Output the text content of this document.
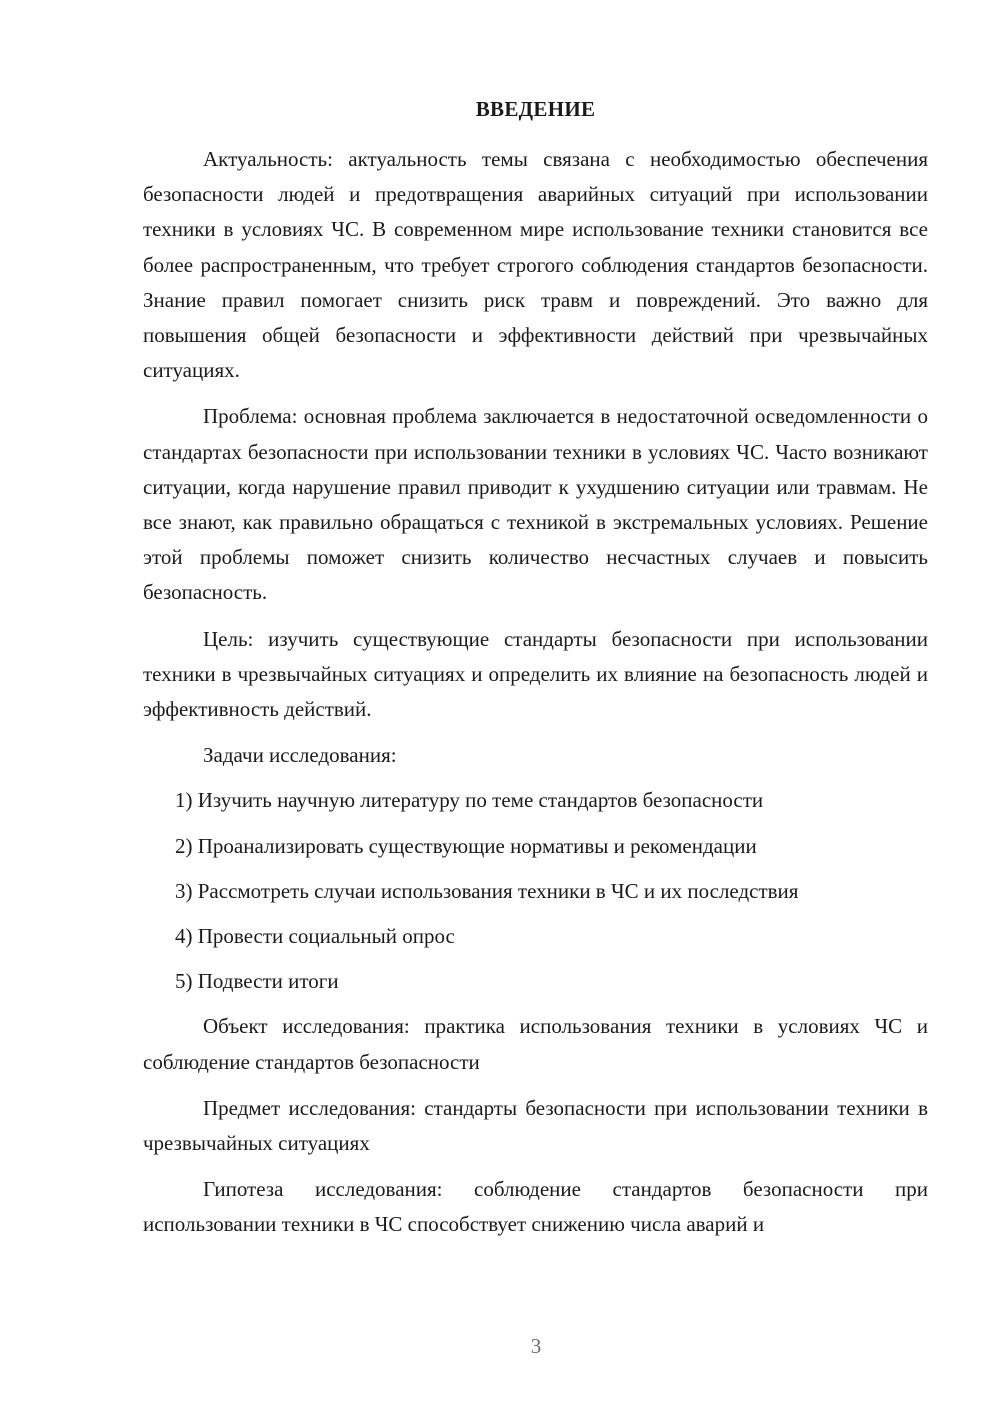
ВВЕДЕНИЕ

Актуальность: актуальность темы связана с необходимостью обеспечения безопасности людей и предотвращения аварийных ситуаций при использовании техники в условиях ЧС. В современном мире использование техники становится все более распространенным, что требует строгого соблюдения стандартов безопасности. Знание правил помогает снизить риск травм и повреждений. Это важно для повышения общей безопасности и эффективности действий при чрезвычайных ситуациях.

Проблема: основная проблема заключается в недостаточной осведомленности о стандартах безопасности при использовании техники в условиях ЧС. Часто возникают ситуации, когда нарушение правил приводит к ухудшению ситуации или травмам. Не все знают, как правильно обращаться с техникой в экстремальных условиях. Решение этой проблемы поможет снизить количество несчастных случаев и повысить безопасность.

Цель: изучить существующие стандарты безопасности при использовании техники в чрезвычайных ситуациях и определить их влияние на безопасность людей и эффективность действий.

Задачи исследования:

1) Изучить научную литературу по теме стандартов безопасности
2) Проанализировать существующие нормативы и рекомендации
3) Рассмотреть случаи использования техники в ЧС и их последствия
4) Провести социальный опрос
5) Подвести итоги

Объект исследования: практика использования техники в условиях ЧС и соблюдение стандартов безопасности

Предмет исследования: стандарты безопасности при использовании техники в чрезвычайных ситуациях

Гипотеза исследования: соблюдение стандартов безопасности при использовании техники в ЧС способствует снижению числа аварий и

3
